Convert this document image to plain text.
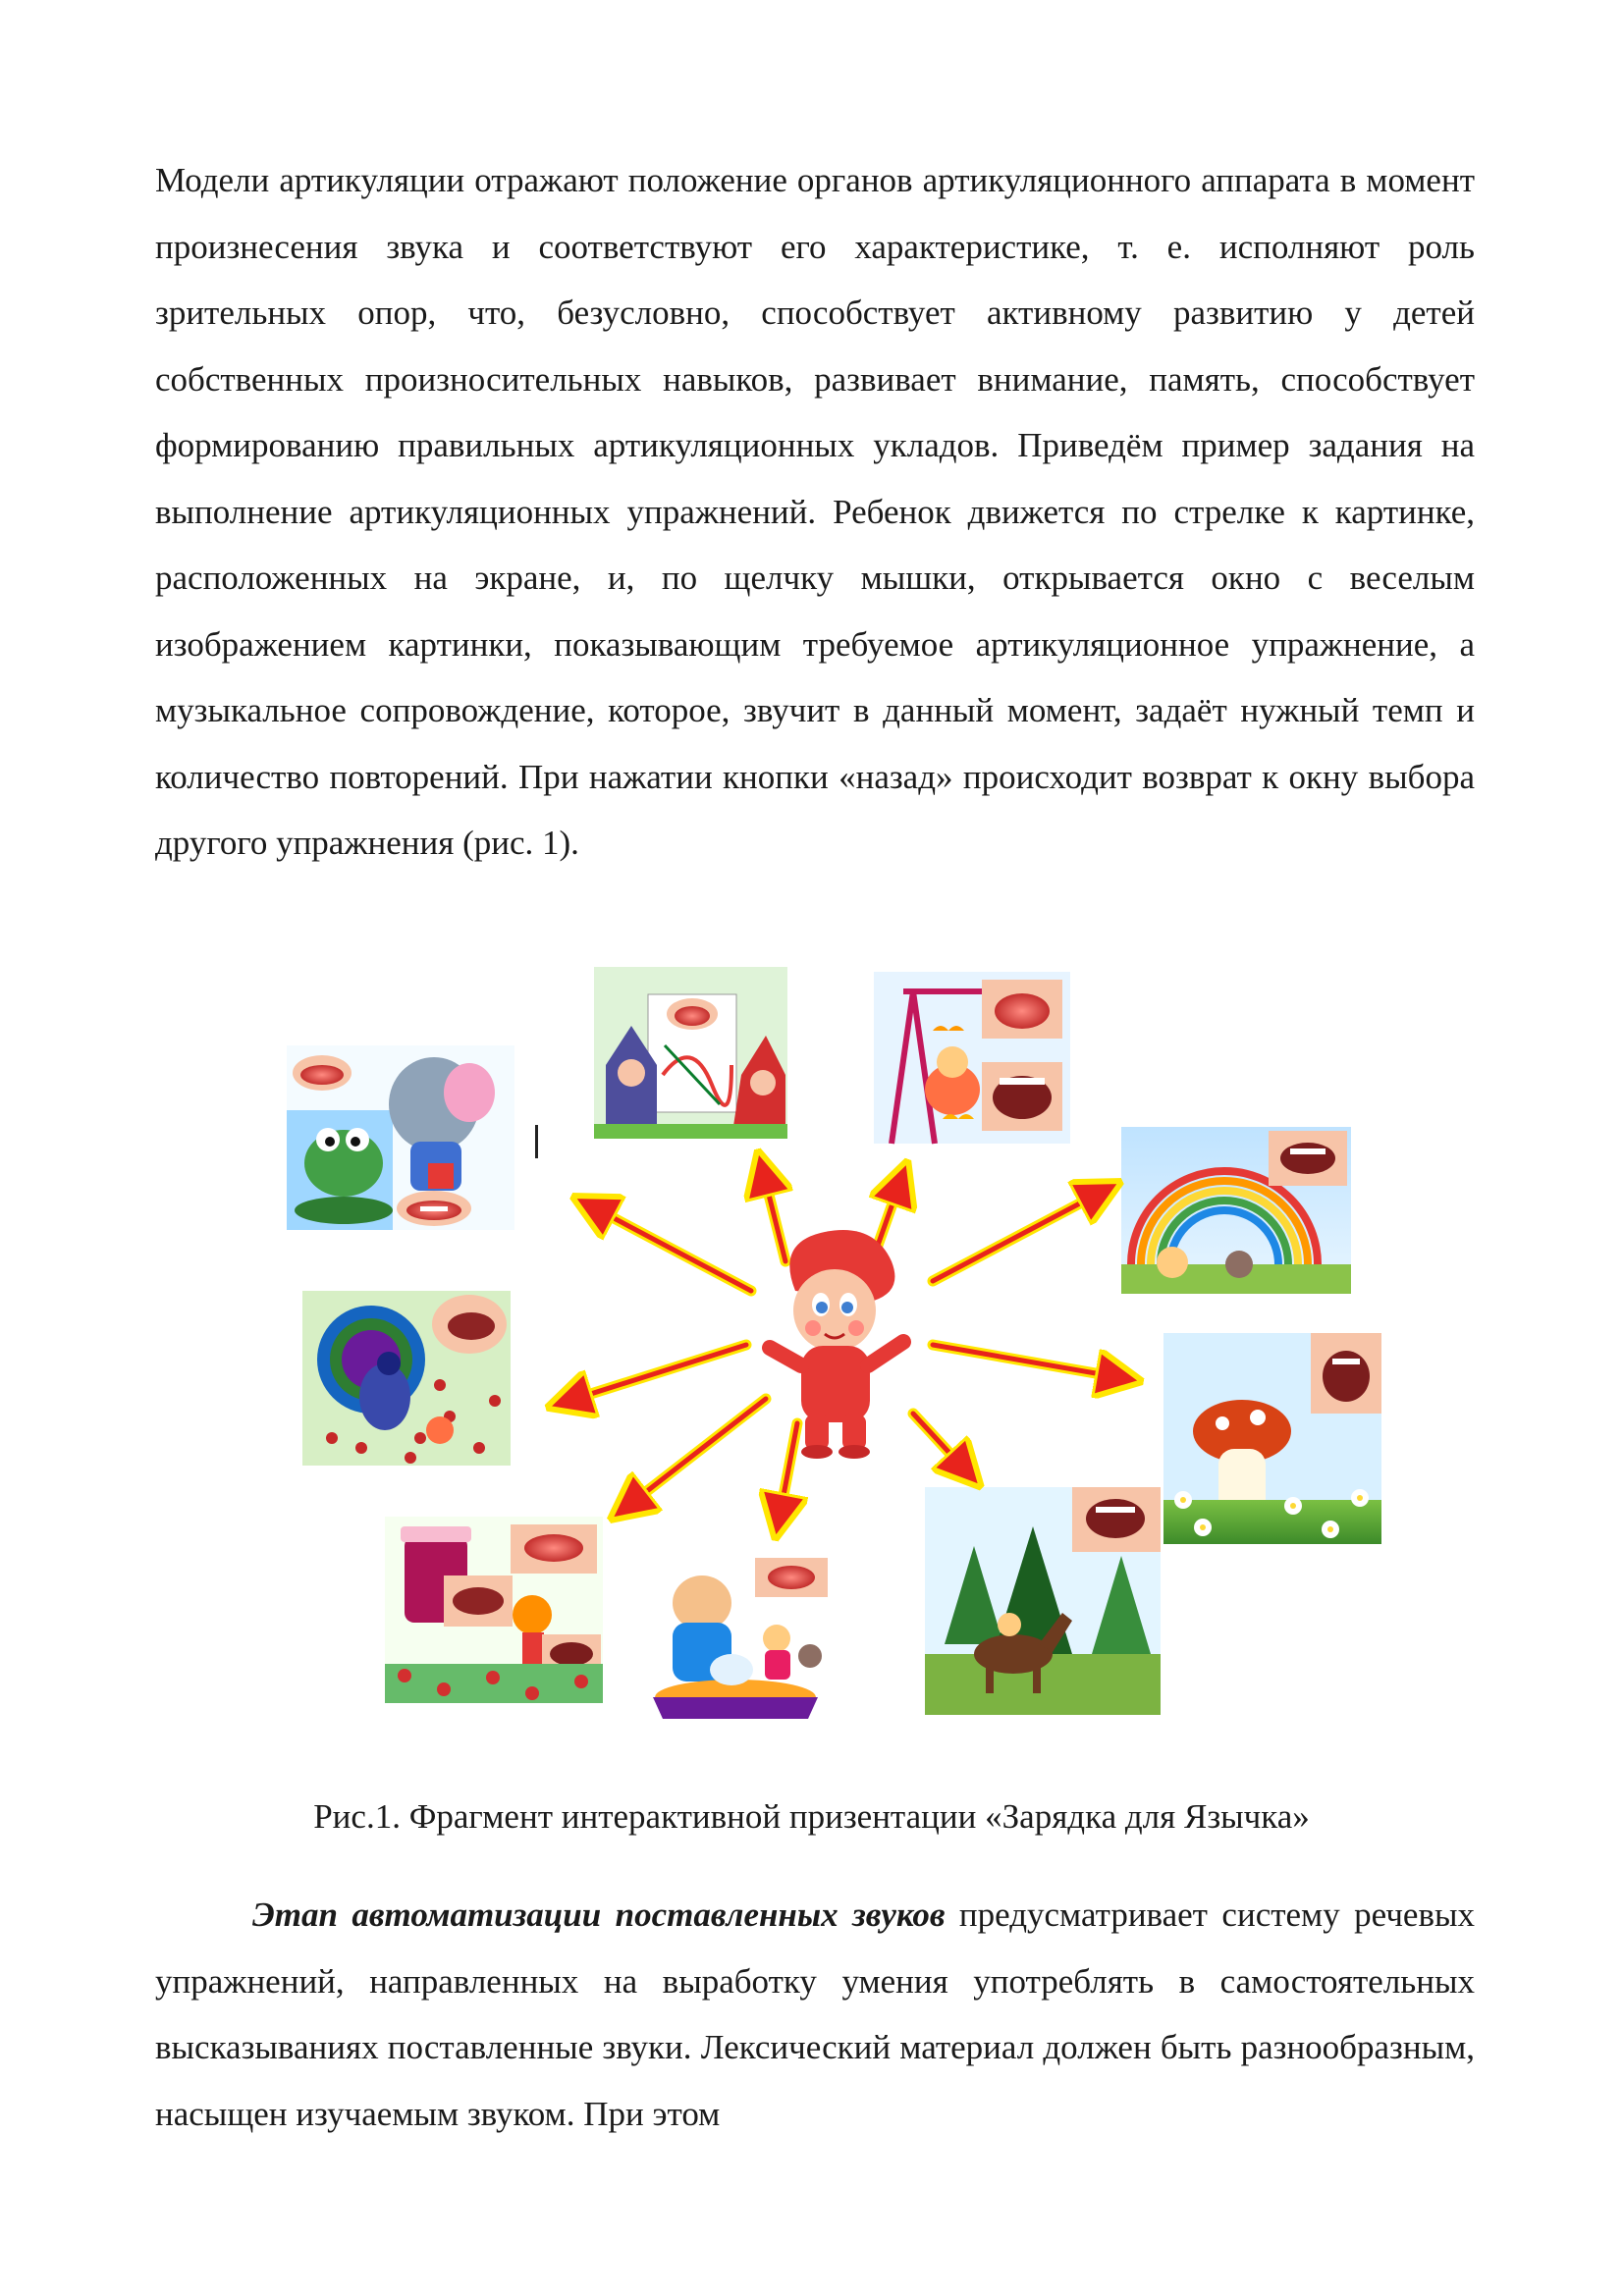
Модели артикуляции отражают положение органов артикуляционного аппарата в момент произнесения звука и соответствуют его характеристике, т. е. исполняют роль зрительных опор, что, безусловно, способствует активному развитию у детей собственных произносительных навыков, развивает внимание, память, способствует формированию правильных артикуляционных укладов. Приведём пример задания на выполнение артикуляционных упражнений. Ребенок движется по стрелке к картинке, расположенных на экране, и, по щелчку мышки, открывается окно с веселым изображением картинки, показывающим требуемое артикуляционное упражнение, а музыкальное сопровождение, которое, звучит в данный момент, задаёт нужный темп и количество повторений. При нажатии кнопки «назад» происходит возврат к окну выбора другого упражнения (рис. 1).

Рис.1. Фрагмент интерактивной призентации «Зарядка для Язычка»

Этап автоматизации поставленных звуков предусматривает систему речевых упражнений, направленных на выработку умения употреблять в самостоятельных высказываниях поставленные звуки. Лексический материал должен быть разнообразным, насыщен изучаемым звуком. При этом
